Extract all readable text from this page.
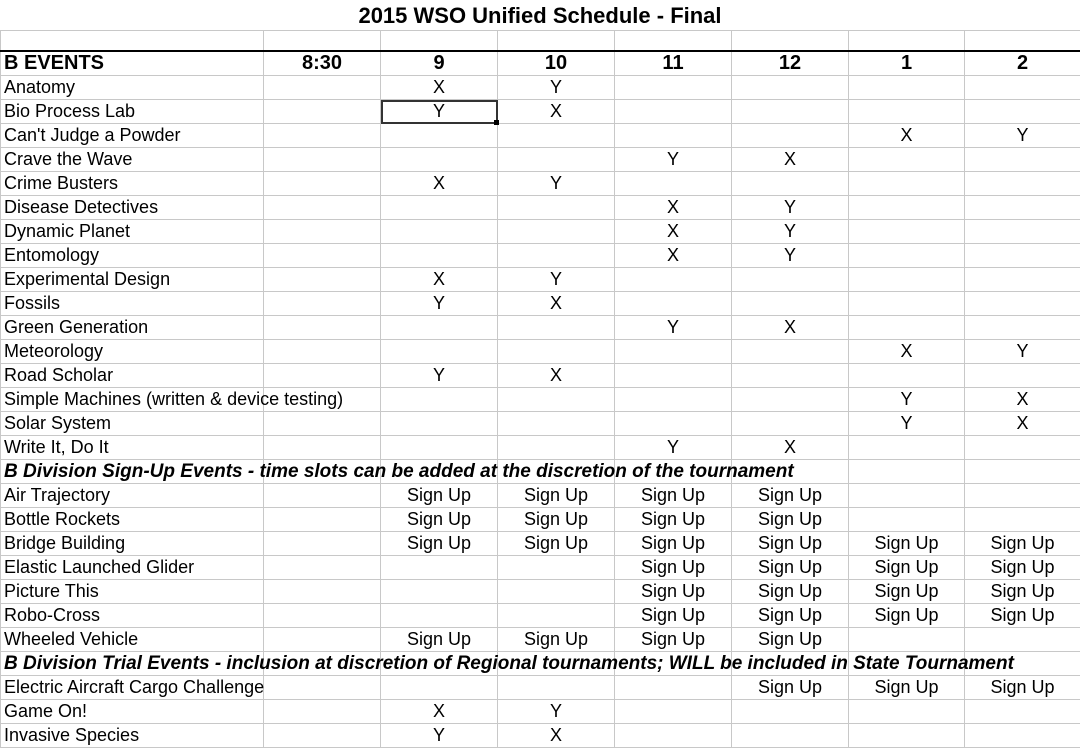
2015 WSO Unified Schedule - Final

B EVENTS	8:30	9	10	11	12	1	2
Anatomy		X	Y				
Bio Process Lab		Y	X				
Can't Judge a Powder						X	Y
Crave the Wave				Y	X		
Crime Busters		X	Y				
Disease Detectives				X	Y		
Dynamic Planet				X	Y		
Entomology				X	Y		
Experimental Design		X	Y				
Fossils		Y	X				
Green Generation				Y	X		
Meteorology						X	Y
Road Scholar		Y	X				
Simple Machines (written & device testing)						Y	X
Solar System						Y	X
Write It, Do It				Y	X		

B Division Sign-Up Events - time slots can be added at the discretion of the tournament							

Air Trajectory		Sign Up	Sign Up	Sign Up	Sign Up		
Bottle Rockets		Sign Up	Sign Up	Sign Up	Sign Up		
Bridge Building		Sign Up	Sign Up	Sign Up	Sign Up	Sign Up	Sign Up
Elastic Launched Glider				Sign Up	Sign Up	Sign Up	Sign Up
Picture This				Sign Up	Sign Up	Sign Up	Sign Up
Robo-Cross				Sign Up	Sign Up	Sign Up	Sign Up
Wheeled Vehicle		Sign Up	Sign Up	Sign Up	Sign Up		

B Division Trial Events - inclusion at discretion of Regional tournaments; WILL be included in State Tournament							

Electric Aircraft Cargo Challenge					Sign Up	Sign Up	Sign Up
Game On!		X	Y				
Invasive Species		Y	X				
